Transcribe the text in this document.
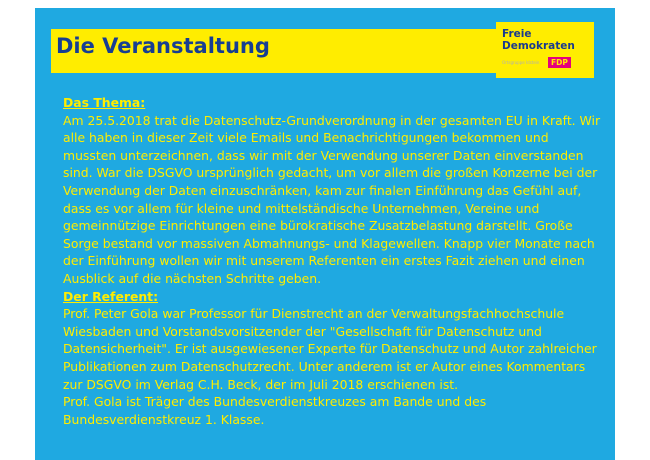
Die Veranstaltung	Freie
Demokraten
Ortsgruppe Idstein	FDP

Das Thema:

Am 25.5.2018 trat die Datenschutz-Grundverordnung in der gesamten EU in Kraft. Wir alle haben in dieser Zeit viele Emails und Benachrichtigungen bekommen und mussten unterzeichnen, dass wir mit der Verwendung unserer Daten einverstanden sind. War die DSGVO ursprünglich gedacht, um vor allem die großen Konzerne bei der Verwendung der Daten einzuschränken, kam zur finalen Einführung das Gefühl auf, dass es vor allem für kleine und mittelständische Unternehmen, Vereine und gemeinnützige Einrichtungen eine bürokratische Zusatzbelastung darstellt. Große Sorge bestand vor massiven Abmahnungs- und Klagewellen. Knapp vier Monate nach der Einführung wollen wir mit unserem Referenten ein erstes Fazit ziehen und einen Ausblick auf die nächsten Schritte geben.

Der Referent:

Prof. Peter Gola war Professor für Dienstrecht an der Verwaltungsfachhochschule Wiesbaden und Vorstandsvorsitzender der "Gesellschaft für Datenschutz und Datensicherheit". Er ist ausgewiesener Experte für Datenschutz und Autor zahlreicher Publikationen zum Datenschutzrecht. Unter anderem ist er Autor eines Kommentars zur DSGVO im Verlag C.H. Beck, der im Juli 2018 erschienen ist.

Prof. Gola ist Träger des Bundesverdienstkreuzes am Bande und des Bundesverdienstkreuz 1. Klasse.
